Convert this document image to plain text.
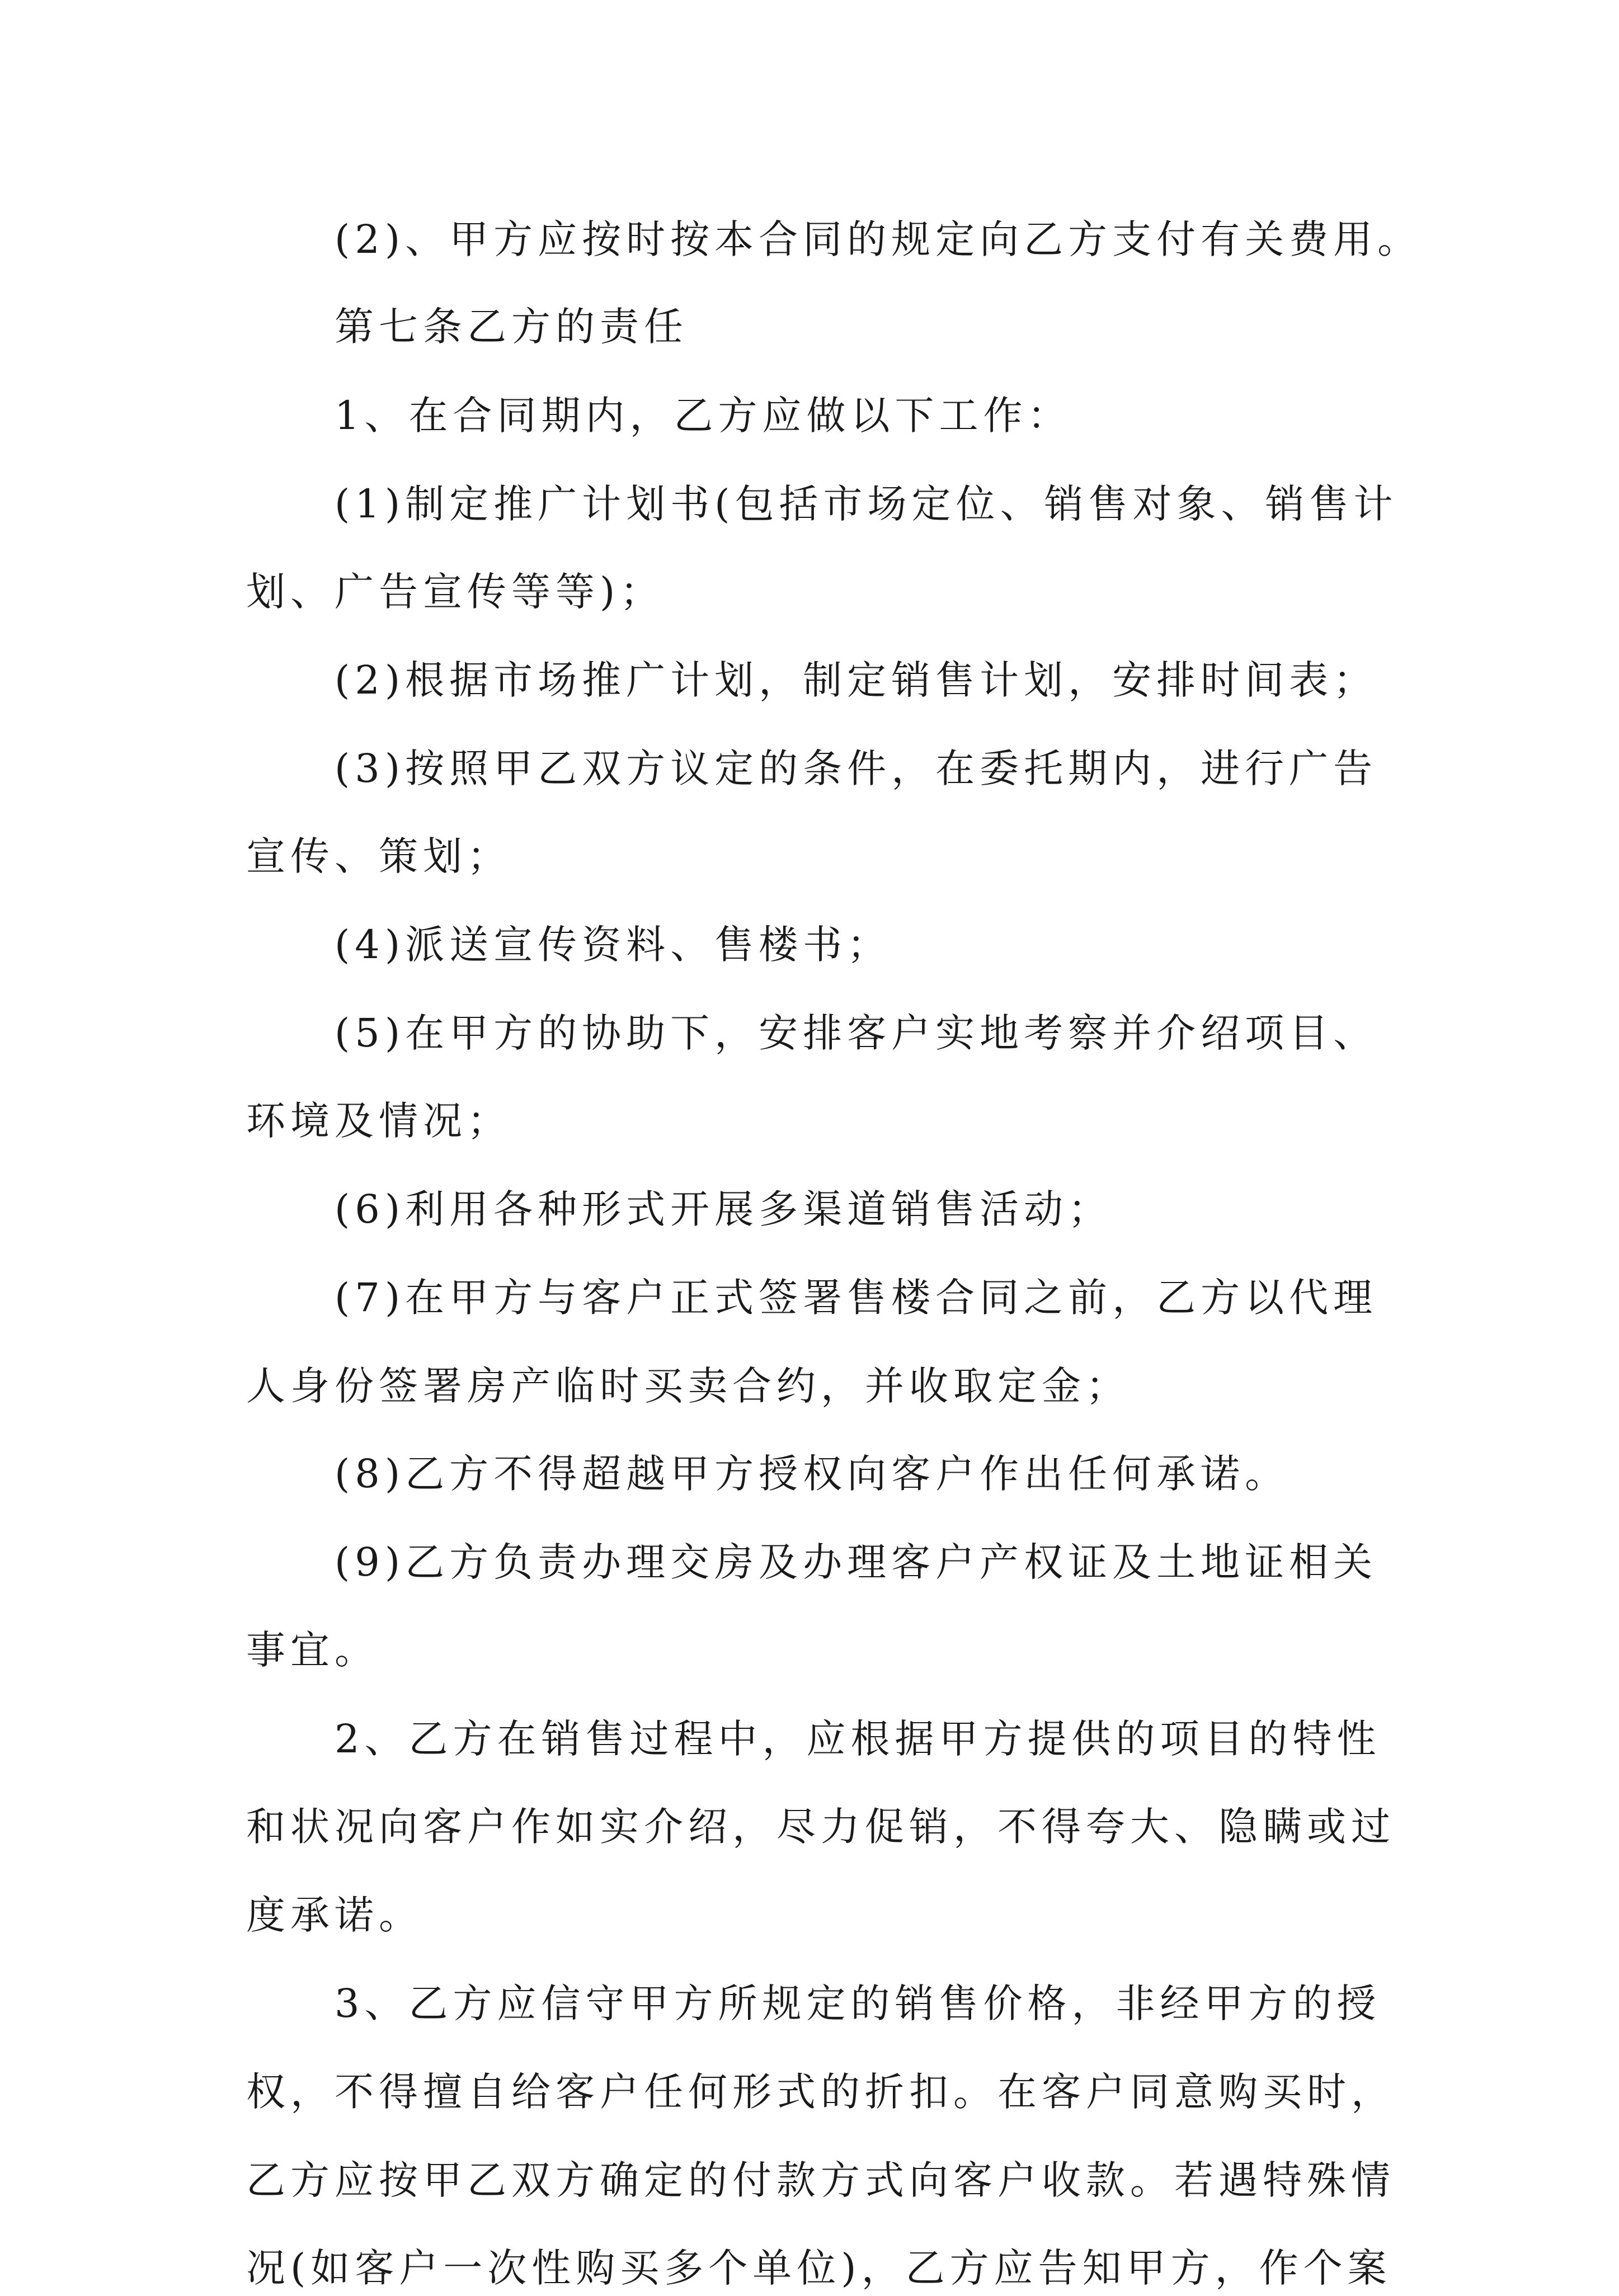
(2)、甲方应按时按本合同的规定向乙方支付有关费用。
第七条乙方的责任
1、在合同期内，乙方应做以下工作：
(1)制定推广计划书(包括市场定位、销售对象、销售计
划、广告宣传等等)；
(2)根据市场推广计划，制定销售计划，安排时间表；
(3)按照甲乙双方议定的条件，在委托期内，进行广告
宣传、策划；
(4)派送宣传资料、售楼书；
(5)在甲方的协助下，安排客户实地考察并介绍项目、
环境及情况；
(6)利用各种形式开展多渠道销售活动；
(7)在甲方与客户正式签署售楼合同之前，乙方以代理
人身份签署房产临时买卖合约，并收取定金；
(8)乙方不得超越甲方授权向客户作出任何承诺。
(9)乙方负责办理交房及办理客户产权证及土地证相关
事宜。
2、乙方在销售过程中，应根据甲方提供的项目的特性
和状况向客户作如实介绍，尽力促销，不得夸大、隐瞒或过
度承诺。
3、乙方应信守甲方所规定的销售价格，非经甲方的授
权，不得擅自给客户任何形式的折扣。在客户同意购买时，
乙方应按甲乙双方确定的付款方式向客户收款。若遇特殊情
况(如客户一次性购买多个单位)，乙方应告知甲方，作个案
